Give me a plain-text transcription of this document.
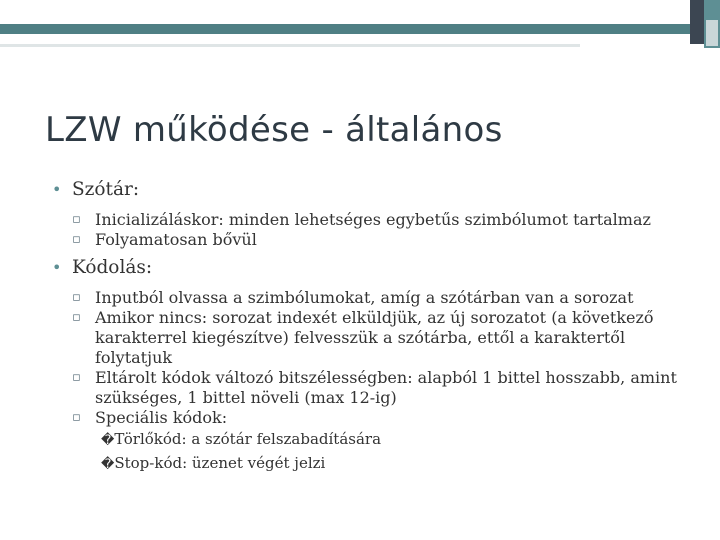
LZW működése - általános
• Szótár:
▫ Inicializáláskor: minden lehetséges egybetűs szimbólumot tartalmaz
▫ Folyamatosan bővül
• Kódolás:
▫ Inputból olvassa a szimbólumokat, amíg a szótárban van a sorozat
▫ Amikor nincs: sorozat indexét elküldjük, az új sorozatot (a következő karakterrel kiegészítve) felvesszük a szótárba, ettől a karaktertől folytatjuk
▫ Eltárolt kódok változó bitszélességben: alapból 1 bittel hosszabb, amint szükséges, 1 bittel növeli (max 12-ig)
▫ Speciális kódok:
�Törlőkód: a szótár felszabadítására
�Stop-kód: üzenet végét jelzi
